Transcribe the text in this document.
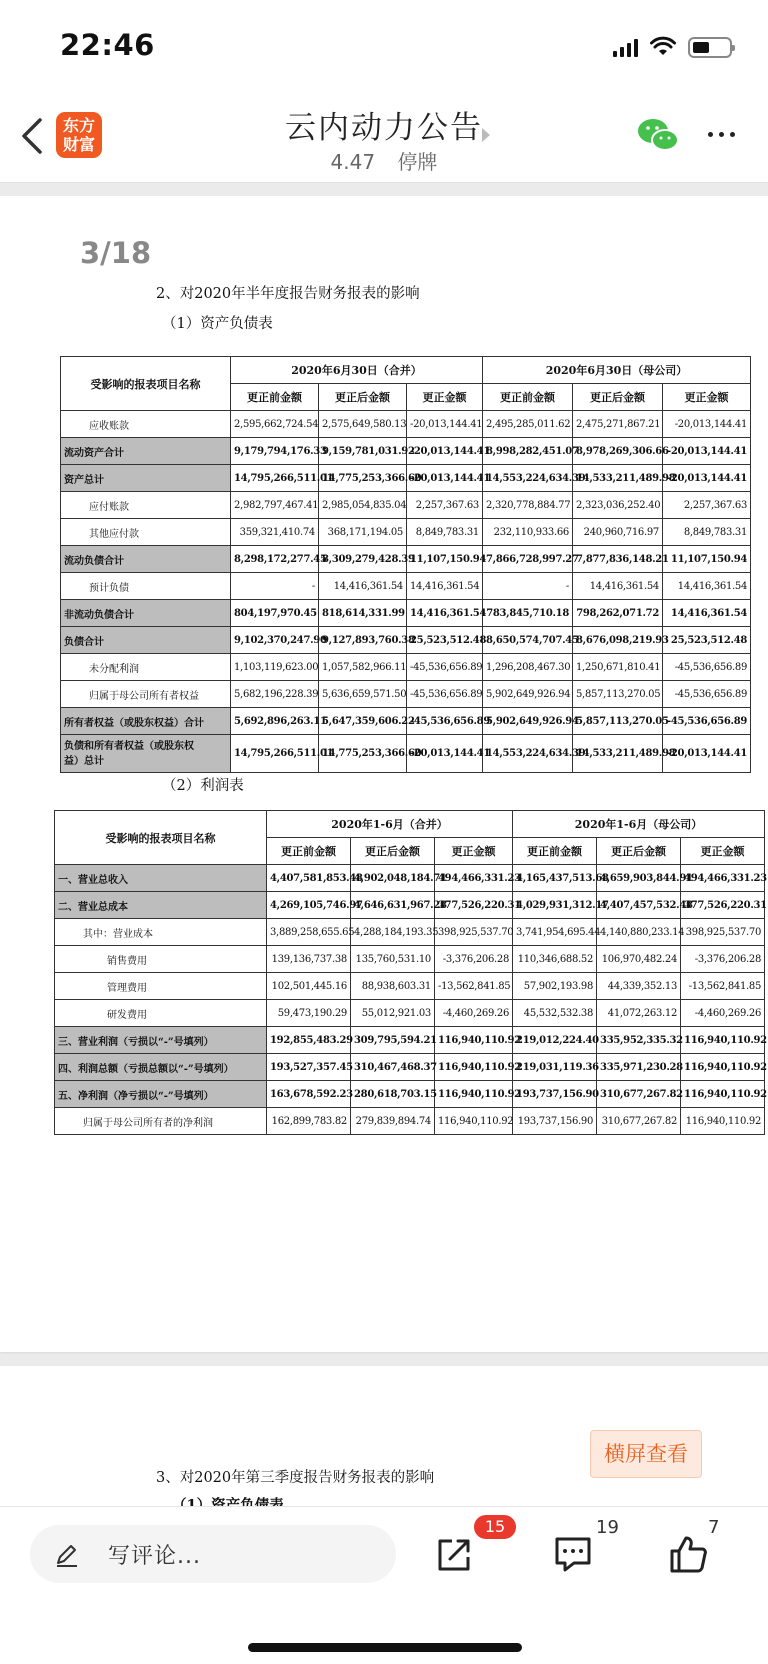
22:46
东方
财富	云内动力公告
4.47 停牌
3/18
2、对2020年半年度报告财务报表的影响
（1）资产负债表
受影响的报表项目名称	2020年6月30日（合并）			2020年6月30日（母公司）		
	更正前金额	更正后金额	更正金额	更正前金额	更正后金额	更正金额
应收账款	2,595,662,724.54	2,575,649,580.13	-20,013,144.41	2,495,285,011.62	2,475,271,867.21	-20,013,144.41
流动资产合计	9,179,794,176.33	9,159,781,031.92	-20,013,144.41	8,998,282,451.07	8,978,269,306.66	-20,013,144.41
资产总计	14,795,266,511.01	14,775,253,366.60	-20,013,144.41	14,553,224,634.39	14,533,211,489.98	-20,013,144.41
应付账款	2,982,797,467.41	2,985,054,835.04	2,257,367.63	2,320,778,884.77	2,323,036,252.40	2,257,367.63
其他应付款	359,321,410.74	368,171,194.05	8,849,783.31	232,110,933.66	240,960,716.97	8,849,783.31
流动负债合计	8,298,172,277.45	8,309,279,428.39	11,107,150.94	7,866,728,997.27	7,877,836,148.21	11,107,150.94
预计负债	-	14,416,361.54	14,416,361.54	-	14,416,361.54	14,416,361.54
非流动负债合计	804,197,970.45	818,614,331.99	14,416,361.54	783,845,710.18	798,262,071.72	14,416,361.54
负债合计	9,102,370,247.90	9,127,893,760.38	25,523,512.48	8,650,574,707.45	8,676,098,219.93	25,523,512.48
未分配利润	1,103,119,623.00	1,057,582,966.11	-45,536,656.89	1,296,208,467.30	1,250,671,810.41	-45,536,656.89
归属于母公司所有者权益	5,682,196,228.39	5,636,659,571.50	-45,536,656.89	5,902,649,926.94	5,857,113,270.05	-45,536,656.89
所有者权益（或股东权益）合计	5,692,896,263.11	5,647,359,606.22	-45,536,656.89	5,902,649,926.94	5,857,113,270.05	-45,536,656.89
负债和所有者权益（或股东权
益）总计	14,795,266,511.01	14,775,253,366.60	-20,013,144.41	14,553,224,634.39	14,533,211,489.98	-20,013,144.41
（2）利润表
受影响的报表项目名称	2020年1-6月（合并）			2020年1-6月（母公司）		
	更正前金额	更正后金额	更正金额	更正前金额	更正后金额	更正金额
一、营业总收入	4,407,581,853.48	4,902,048,184.71	494,466,331.23	4,165,437,513.68	4,659,903,844.91	494,466,331.23
二、营业总成本	4,269,105,746.97	4,646,631,967.28	377,526,220.31	4,029,931,312.17	4,407,457,532.48	377,526,220.31
其中：营业成本	3,889,258,655.65	4,288,184,193.35	398,925,537.70	3,741,954,695.44	4,140,880,233.14	398,925,537.70
销售费用	139,136,737.38	135,760,531.10	-3,376,206.28	110,346,688.52	106,970,482.24	-3,376,206.28
管理费用	102,501,445.16	88,938,603.31	-13,562,841.85	57,902,193.98	44,339,352.13	-13,562,841.85
研发费用	59,473,190.29	55,012,921.03	-4,460,269.26	45,532,532.38	41,072,263.12	-4,460,269.26
三、营业利润（亏损以“-”号填列）	192,855,483.29	309,795,594.21	116,940,110.92	219,012,224.40	335,952,335.32	116,940,110.92
四、利润总额（亏损总额以“-”号填列）	193,527,357.45	310,467,468.37	116,940,110.92	219,031,119.36	335,971,230.28	116,940,110.92
五、净利润（净亏损以“-”号填列）	163,678,592.23	280,618,703.15	116,940,110.92	193,737,156.90	310,677,267.82	116,940,110.92
归属于母公司所有者的净利润	162,899,783.82	279,839,894.74	116,940,110.92	193,737,156.90	310,677,267.82	116,940,110.92
横屏查看
3、对2020年第三季度报告财务报表的影响
写评论...
15	19	7
